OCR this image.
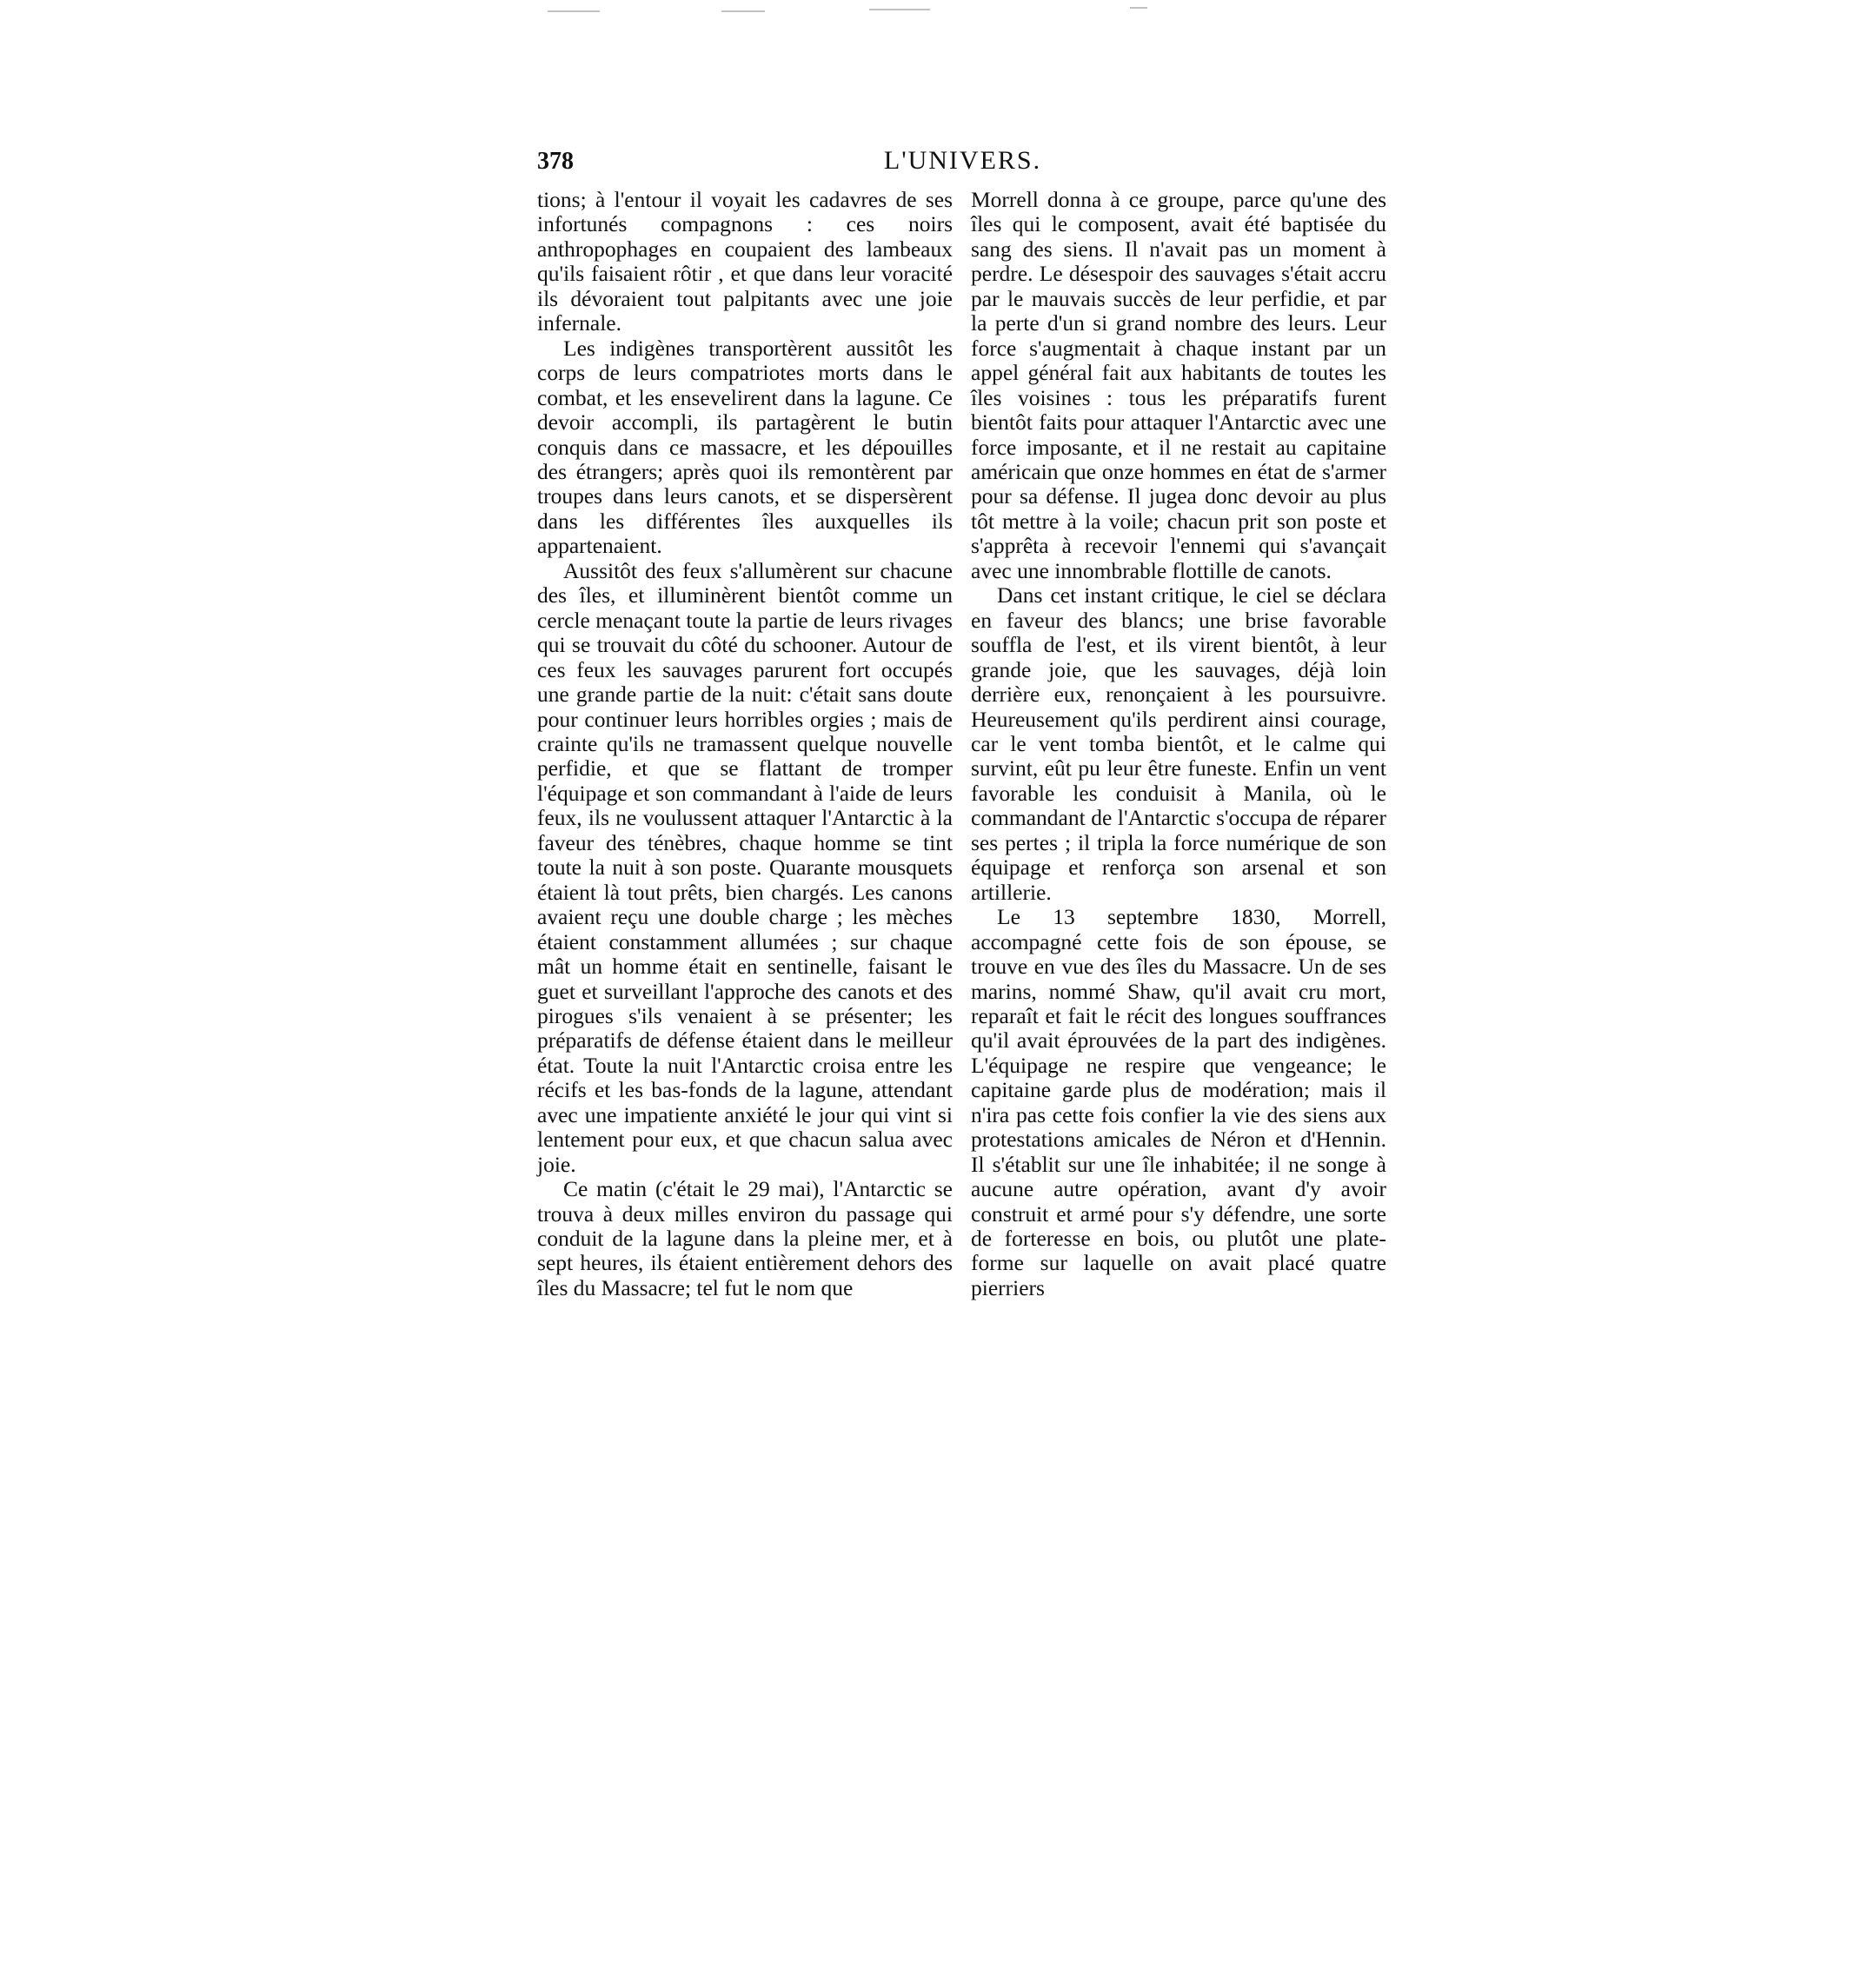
378	L'UNIVERS.

tions; à l'entour il voyait les cadavres de ses infortunés compagnons : ces noirs anthropophages en coupaient des lambeaux qu'ils faisaient rôtir , et que dans leur voracité ils dévoraient tout palpitants avec une joie infernale.

Les indigènes transportèrent aussitôt les corps de leurs compatriotes morts dans le combat, et les ensevelirent dans la lagune. Ce devoir accompli, ils partagèrent le butin conquis dans ce massacre, et les dépouilles des étrangers; après quoi ils remontèrent par troupes dans leurs canots, et se dispersèrent dans les différentes îles auxquelles ils appartenaient.

Aussitôt des feux s'allumèrent sur chacune des îles, et illuminèrent bientôt comme un cercle menaçant toute la partie de leurs rivages qui se trouvait du côté du schooner. Autour de ces feux les sauvages parurent fort occupés une grande partie de la nuit: c'était sans doute pour continuer leurs horribles orgies ; mais de crainte qu'ils ne tramassent quelque nouvelle perfidie, et que se flattant de tromper l'équipage et son commandant à l'aide de leurs feux, ils ne voulussent attaquer l'Antarctic à la faveur des ténèbres, chaque homme se tint toute la nuit à son poste. Quarante mousquets étaient là tout prêts, bien chargés. Les canons avaient reçu une double charge ; les mèches étaient constamment allumées ; sur chaque mât un homme était en sentinelle, faisant le guet et surveillant l'approche des canots et des pirogues s'ils venaient à se présenter; les préparatifs de défense étaient dans le meilleur état. Toute la nuit l'Antarctic croisa entre les récifs et les bas-fonds de la lagune, attendant avec une impatiente anxiété le jour qui vint si lentement pour eux, et que chacun salua avec joie.

Ce matin (c'était le 29 mai), l'Antarctic se trouva à deux milles environ du passage qui conduit de la lagune dans la pleine mer, et à sept heures, ils étaient entièrement dehors des îles du Massacre; tel fut le nom que

Morrell donna à ce groupe, parce qu'une des îles qui le composent, avait été baptisée du sang des siens. Il n'avait pas un moment à perdre. Le désespoir des sauvages s'était accru par le mauvais succès de leur perfidie, et par la perte d'un si grand nombre des leurs. Leur force s'augmentait à chaque instant par un appel général fait aux habitants de toutes les îles voisines : tous les préparatifs furent bientôt faits pour attaquer l'Antarctic avec une force imposante, et il ne restait au capitaine américain que onze hommes en état de s'armer pour sa défense. Il jugea donc devoir au plus tôt mettre à la voile; chacun prit son poste et s'apprêta à recevoir l'ennemi qui s'avançait avec une innombrable flottille de canots.

Dans cet instant critique, le ciel se déclara en faveur des blancs; une brise favorable souffla de l'est, et ils virent bientôt, à leur grande joie, que les sauvages, déjà loin derrière eux, renonçaient à les poursuivre. Heureusement qu'ils perdirent ainsi courage, car le vent tomba bientôt, et le calme qui survint, eût pu leur être funeste. Enfin un vent favorable les conduisit à Manila, où le commandant de l'Antarctic s'occupa de réparer ses pertes ; il tripla la force numérique de son équipage et renforça son arsenal et son artillerie.

Le 13 septembre 1830, Morrell, accompagné cette fois de son épouse, se trouve en vue des îles du Massacre. Un de ses marins, nommé Shaw, qu'il avait cru mort, reparaît et fait le récit des longues souffrances qu'il avait éprouvées de la part des indigènes. L'équipage ne respire que vengeance; le capitaine garde plus de modération; mais il n'ira pas cette fois confier la vie des siens aux protestations amicales de Néron et d'Hennin. Il s'établit sur une île inhabitée; il ne songe à aucune autre opération, avant d'y avoir construit et armé pour s'y défendre, une sorte de forteresse en bois, ou plutôt une plate-forme sur laquelle on avait placé quatre pierriers
